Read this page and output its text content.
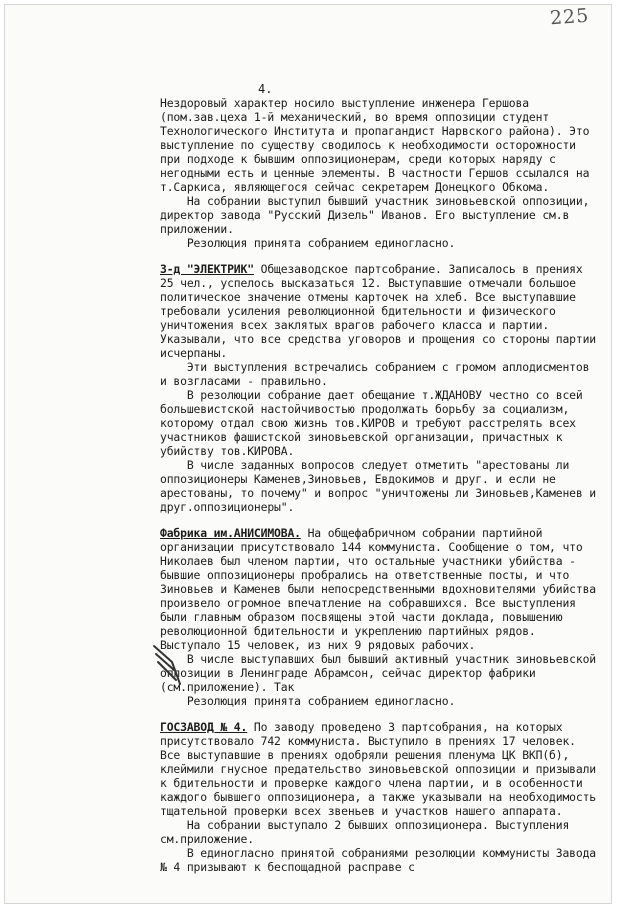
225
4.

Нездоровый характер носило выступление инженера Гершова (пом.зав.цеха 1-й механический, во время оппозиции студент Технологического Института и пропагандист Нарвского района). Это выступление по существу сводилось к необходимости осторожности при подходе к бывшим оппозиционерам, среди которых наряду с негодными есть и ценные элементы. В частности Гершов ссылался на т.Саркиса, являющегося сейчас секретарем Донецкого Обкома.

На собрании выступил бывший участник зиновьевской оппозиции, директор завода "Русский Дизель" Иванов. Его выступление см.в приложении.

Резолюция принята собранием единогласно.

3-д "ЭЛЕКТРИК" Общезаводское партсобрание. Записалось в прениях 25 чел., успелось высказаться 12. Выступавшие отмечали большое политическое значение отмены карточек на хлеб. Все выступавшие требовали усиления революционной бдительности и физического уничтожения всех заклятых врагов рабочего класса и партии. Указывали, что все средства уговоров и прощения со стороны партии исчерпаны.

Эти выступления встречались собранием с громом аплодисментов и возгласами - правильно.

В резолюции собрание дает обещание т.ЖДАНОВУ честно со всей большевистской настойчивостью продолжать борьбу за социализм, которому отдал свою жизнь тов.КИРОВ и требуют расстрелять всех участников фашистской зиновьевской организации, причастных к убийству тов.КИРОВА.

В числе заданных вопросов следует отметить "арестованы ли оппозиционеры Каменев,Зиновьев, Евдокимов и друг. и если не арестованы, то почему" и вопрос "уничтожены ли Зиновьев,Каменев и друг.оппозиционеры".

Фабрика им.АНИСИМОВА. На общефабричном собрании партийной организации присутствовало 144 коммуниста. Сообщение о том, что Николаев был членом партии, что остальные участники убийства - бывшие оппозиционеры пробрались на ответственные посты, и что Зиновьев и Каменев были непосредственными вдохновителями убийства произвело огромное впечатление на собравшихся. Все выступления были главным образом посвящены этой части доклада, повышению революционной бдительности и укреплению партийных рядов. Выступало 15 человек, из них 9 рядовых рабочих.

В числе выступавших был бывший активный участник зиновьевской оппозиции в Ленинграде Абрамсон, сейчас директор фабрики (см.приложение). Так

Резолюция принята собранием единогласно.

ГОСЗАВОД № 4. По заводу проведено 3 партсобрания, на которых присутствовало 742 коммуниста. Выступило в прениях 17 человек. Все выступавшие в прениях одобряли решения пленума ЦК ВКП(б), клеймили гнусное предательство зиновьевской оппозиции и призывали к бдительности и проверке каждого члена партии, и в особенности каждого бывшего оппозиционера, а также указывали на необходимость тщательной проверки всех звеньев и участков нашего аппарата.

На собрании выступало 2 бывших оппозиционера. Выступления см.приложение.

В единогласно принятой собраниями резолюции коммунисты Завода № 4 призывают к беспощадной расправе с
